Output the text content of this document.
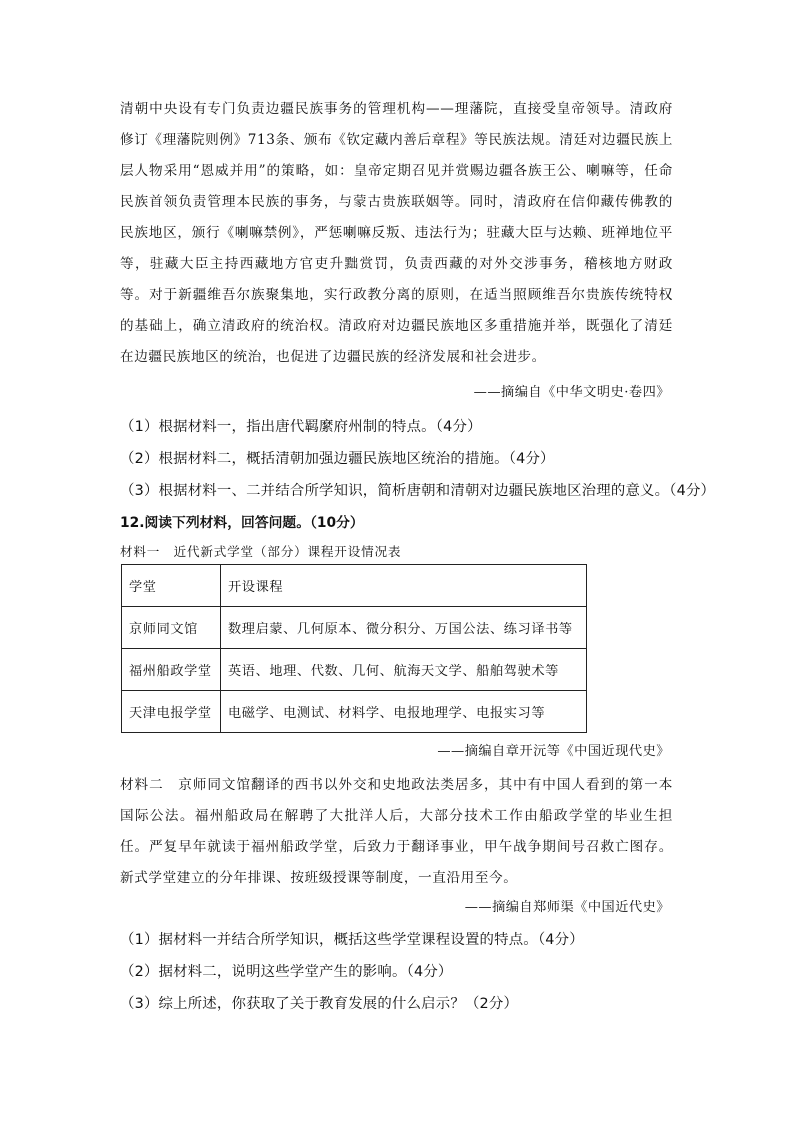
清朝中央设有专门负责边疆民族事务的管理机构——理藩院，直接受皇帝领导。清政府修订《理藩院则例》713条、颁布《钦定藏内善后章程》等民族法规。清廷对边疆民族上层人物采用“恩威并用”的策略，如：皇帝定期召见并赏赐边疆各族王公、喇嘛等，任命民族首领负责管理本民族的事务，与蒙古贵族联姻等。同时，清政府在信仰藏传佛教的民族地区，颁行《喇嘛禁例》，严惩喇嘛反叛、违法行为；驻藏大臣与达赖、班禅地位平等，驻藏大臣主持西藏地方官吏升黜赏罚，负责西藏的对外交涉事务，稽核地方财政等。对于新疆维吾尔族聚集地，实行政教分离的原则，在适当照顾维吾尔贵族传统特权的基础上，确立清政府的统治权。清政府对边疆民族地区多重措施并举，既强化了清廷在边疆民族地区的统治，也促进了边疆民族的经济发展和社会进步。

——摘编自《中华文明史·卷四》
（1）根据材料一，指出唐代羁縻府州制的特点。（4分）
（2）根据材料二，概括清朝加强边疆民族地区统治的措施。（4分）
（3）根据材料一、二并结合所学知识，简析唐朝和清朝对边疆民族地区治理的意义。（4分）
12.阅读下列材料，回答问题。（10分）
材料一　近代新式学堂（部分）课程开设情况表
学堂	开设课程
京师同文馆	数理启蒙、几何原本、微分积分、万国公法、练习译书等
福州船政学堂	英语、地理、代数、几何、航海天文学、船舶驾驶术等
天津电报学堂	电磁学、电测试、材料学、电报地理学、电报实习等
——摘编自章开沅等《中国近现代史》

材料二　京师同文馆翻译的西书以外交和史地政法类居多，其中有中国人看到的第一本国际公法。福州船政局在解聘了大批洋人后，大部分技术工作由船政学堂的毕业生担任。严复早年就读于福州船政学堂，后致力于翻译事业，甲午战争期间号召救亡图存。新式学堂建立的分年排课、按班级授课等制度，一直沿用至今。

——摘编自郑师渠《中国近代史》
（1）据材料一并结合所学知识，概括这些学堂课程设置的特点。（4分）
（2）据材料二，说明这些学堂产生的影响。（4分）
（3）综上所述，你获取了关于教育发展的什么启示？（2分）
